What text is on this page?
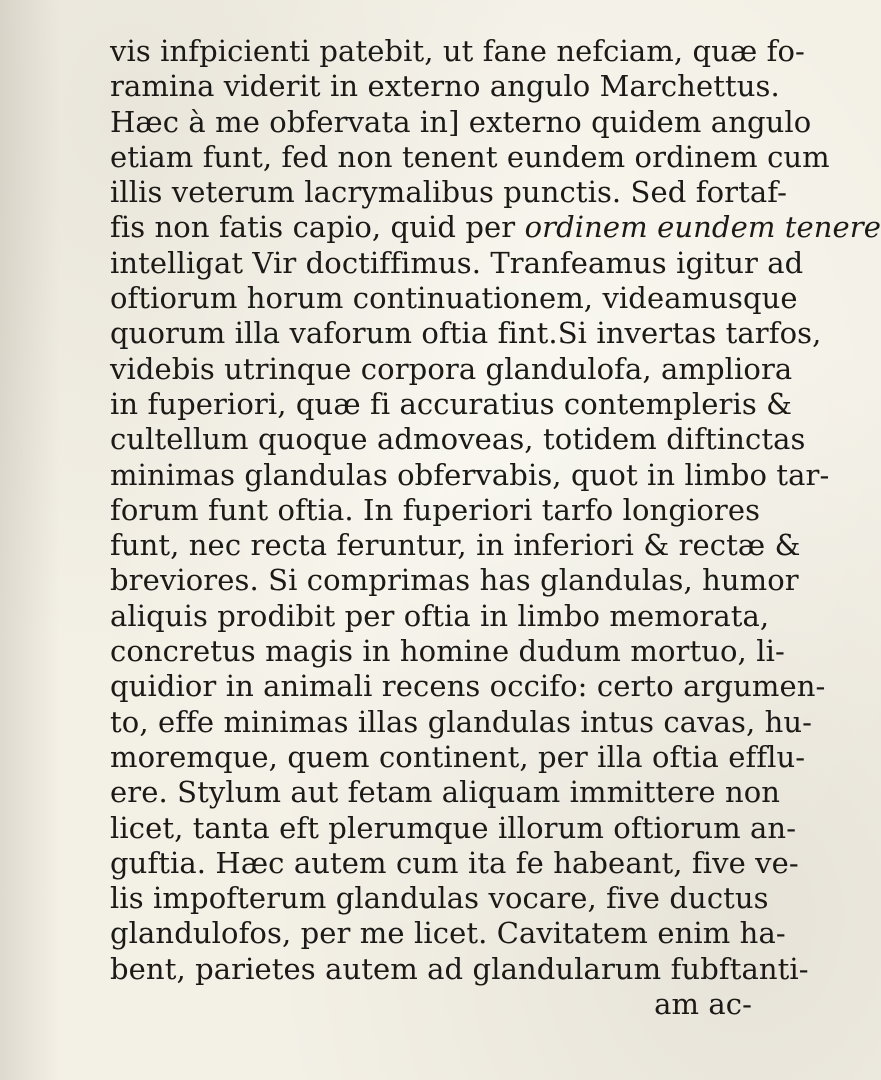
vis infpicienti patebit, ut fane nefciam, quæ fo-
ramina viderit in externo angulo Marchettus.
Hæc à me obfervata in] externo quidem angulo
etiam funt, fed non tenent eundem ordinem cum
illis veterum lacrymalibus punctis. Sed fortaf-
fis non fatis capio, quid per ordinem eundem tenere
intelligat Vir doctiffimus. Tranfeamus igitur ad
oftiorum horum continuationem, videamusque
quorum illa vaforum oftia fint.Si invertas tarfos,
videbis utrinque corpora glandulofa, ampliora
in fuperiori, quæ fi accuratius contempleris &
cultellum quoque admoveas, totidem diftinctas
minimas glandulas obfervabis, quot in limbo tar-
forum funt oftia. In fuperiori tarfo longiores
funt, nec recta feruntur, in inferiori & rectæ &
breviores. Si comprimas has glandulas, humor
aliquis prodibit per oftia in limbo memorata,
concretus magis in homine dudum mortuo, li-
quidior in animali recens occifo: certo argumen-
to, effe minimas illas glandulas intus cavas, hu-
moremque, quem continent, per illa oftia efflu-
ere. Stylum aut fetam aliquam immittere non
licet, tanta eft plerumque illorum oftiorum an-
guftia. Hæc autem cum ita fe habeant, five ve-
lis impofterum glandulas vocare, five ductus
glandulofos, per me licet. Cavitatem enim ha-
bent, parietes autem ad glandularum fubftanti-
am ac-
